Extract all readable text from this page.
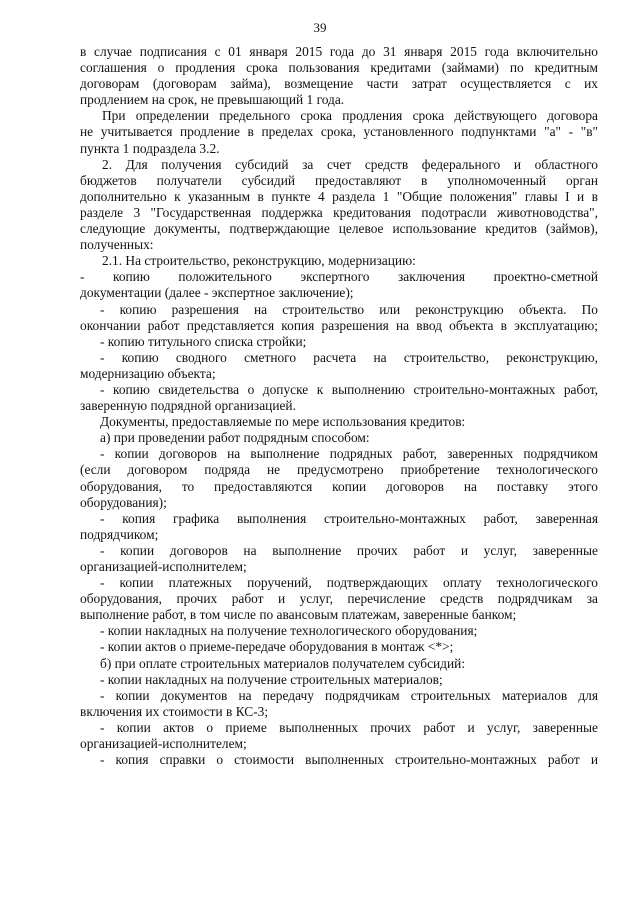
39
в случае подписания с 01 января 2015 года до 31 января 2015 года включительно
соглашения о продления срока пользования кредитами (займами) по кредитным
договорам (договорам займа), возмещение части затрат осуществляется с их
продлением на срок, не превышающий 1 года.
При определении предельного срока продления срока действующего договора
не учитывается продление в пределах срока, установленного подпунктами "а" - "в"
пункта 1 подраздела 3.2.
2. Для получения субсидий за счет средств федерального и областного
бюджетов получатели субсидий предоставляют в уполномоченный орган
дополнительно к указанным в пункте 4 раздела 1 "Общие положения" главы I и в
разделе 3 "Государственная поддержка кредитования подотрасли животноводства",
следующие документы, подтверждающие целевое использование кредитов (займов),
полученных:
2.1. На строительство, реконструкцию, модернизацию:
- копию положительного экспертного заключения проектно-сметной
документации (далее - экспертное заключение);
- копию разрешения на строительство или реконструкцию объекта. По
окончании работ представляется копия разрешения на ввод объекта в эксплуатацию;
- копию титульного списка стройки;
- копию сводного сметного расчета на строительство, реконструкцию,
модернизацию объекта;
- копию свидетельства о допуске к выполнению строительно-монтажных работ,
заверенную подрядной организацией.
Документы, предоставляемые по мере использования кредитов:
а) при проведении работ подрядным способом:
- копии договоров на выполнение подрядных работ, заверенных подрядчиком
(если договором подряда не предусмотрено приобретение технологического
оборудования, то предоставляются копии договоров на поставку этого
оборудования);
- копия графика выполнения строительно-монтажных работ, заверенная
подрядчиком;
- копии договоров на выполнение прочих работ и услуг, заверенные
организацией-исполнителем;
- копии платежных поручений, подтверждающих оплату технологического
оборудования, прочих работ и услуг, перечисление средств подрядчикам за
выполнение работ, в том числе по авансовым платежам, заверенные банком;
- копии накладных на получение технологического оборудования;
- копии актов о приеме-передаче оборудования в монтаж <*>;
б) при оплате строительных материалов получателем субсидий:
- копии накладных на получение строительных материалов;
- копии документов на передачу подрядчикам строительных материалов для
включения их стоимости в КС-3;
- копии актов о приеме выполненных прочих работ и услуг, заверенные
организацией-исполнителем;
- копия справки о стоимости выполненных строительно-монтажных работ и
